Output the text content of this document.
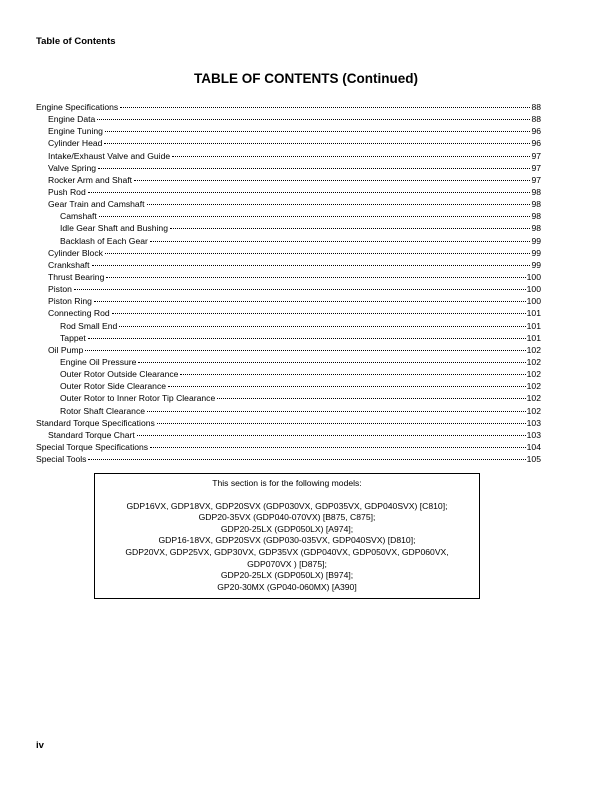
Table of Contents
TABLE OF CONTENTS (Continued)
Engine Specifications	88
Engine Data	88
Engine Tuning	96
Cylinder Head	96
Intake/Exhaust Valve and Guide	97
Valve Spring	97
Rocker Arm and Shaft	97
Push Rod	98
Gear Train and Camshaft	98
Camshaft	98
Idle Gear Shaft and Bushing	98
Backlash of Each Gear	99
Cylinder Block	99
Crankshaft	99
Thrust Bearing	100
Piston	100
Piston Ring	100
Connecting Rod	101
Rod Small End	101
Tappet	101
Oil Pump	102
Engine Oil Pressure	102
Outer Rotor Outside Clearance	102
Outer Rotor Side Clearance	102
Outer Rotor to Inner Rotor Tip Clearance	102
Rotor Shaft Clearance	102
Standard Torque Specifications	103
Standard Torque Chart	103
Special Torque Specifications	104
Special Tools	105
This section is for the following models:
GDP16VX, GDP18VX, GDP20SVX (GDP030VX, GDP035VX, GDP040SVX) [C810];
GDP20-35VX (GDP040-070VX) [B875, C875];
GDP20-25LX (GDP050LX) [A974];
GDP16-18VX, GDP20SVX (GDP030-035VX, GDP040SVX) [D810];
GDP20VX, GDP25VX, GDP30VX, GDP35VX (GDP040VX, GDP050VX, GDP060VX,
GDP070VX ) [D875];
GDP20-25LX (GDP050LX) [B974];
GP20-30MX (GP040-060MX) [A390]
iv
